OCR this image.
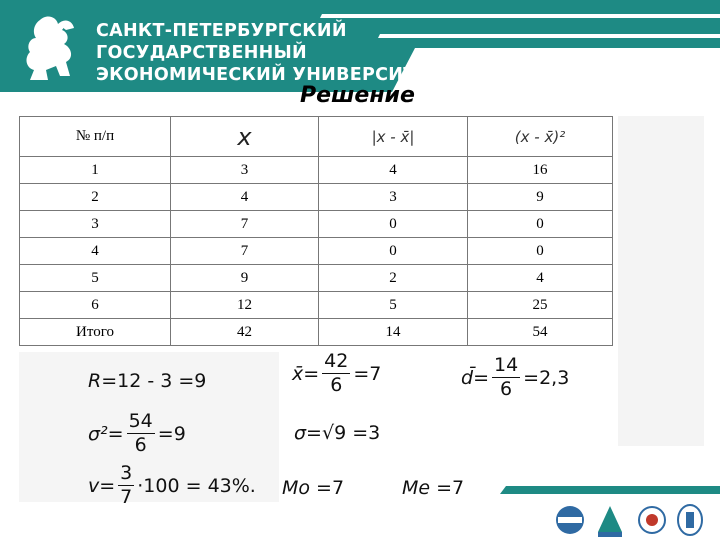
САНКТ-ПЕТЕРБУРГСКИЙ
ГОСУДАРСТВЕННЫЙ
ЭКОНОМИЧЕСКИЙ УНИВЕРСИТЕТ
Решение
№ п/п	x	|x - x̄|	(x - x̄)²
1	3	4	16
2	4	3	9
3	7	0	0
4	7	0	0
5	9	2	4
6	12	5	25
Итого	42	14	54
R =12 - 3 =9	x̄ = $\frac{42}{6} =7$	d̄ = $\frac{14}{6} =2,3$
$\sigma^2 = \frac{54}{6} =9$	σ =√9 =3
$v = \frac{3}{7} \cdot 100 = 43\%$. Mo =7	Me =7
